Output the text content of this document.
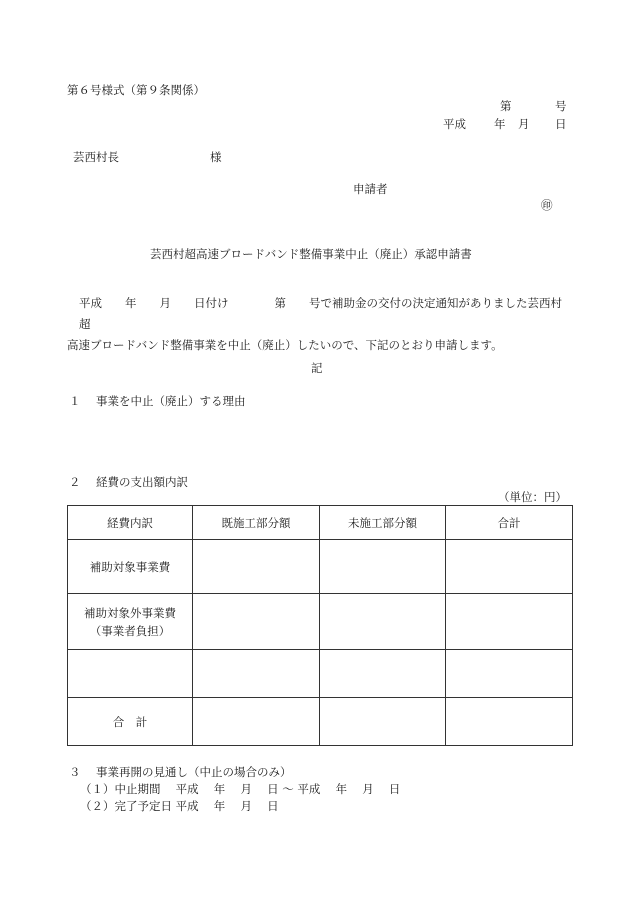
第６号様式（第９条関係）
第	号
平成 年 月 日
芸西村長	様
申請者
㊞
芸西村超高速ブロードバンド整備事業中止（廃止）承認申請書
平成　　年　　月　　日付け　　　　第　　号で補助金の交付の決定通知がありました芸西村超
高速ブロードバンド整備事業を中止（廃止）したいので、下記のとおり申請します。
記
１ 事業を中止（廃止）する理由
２ 経費の支出額内訳
（単位：円）
経費内訳	既施工部分額	未施工部分額	合計
補助対象事業費			

補助対象外事業費
（事業者負担）			

合　計			
３ 事業再開の見通し（中止の場合のみ）
（１）中止期間　 平成　 年　 月　 日 ～ 平成　 年　 月　 日
（２）完了予定日 平成　 年　 月　 日
